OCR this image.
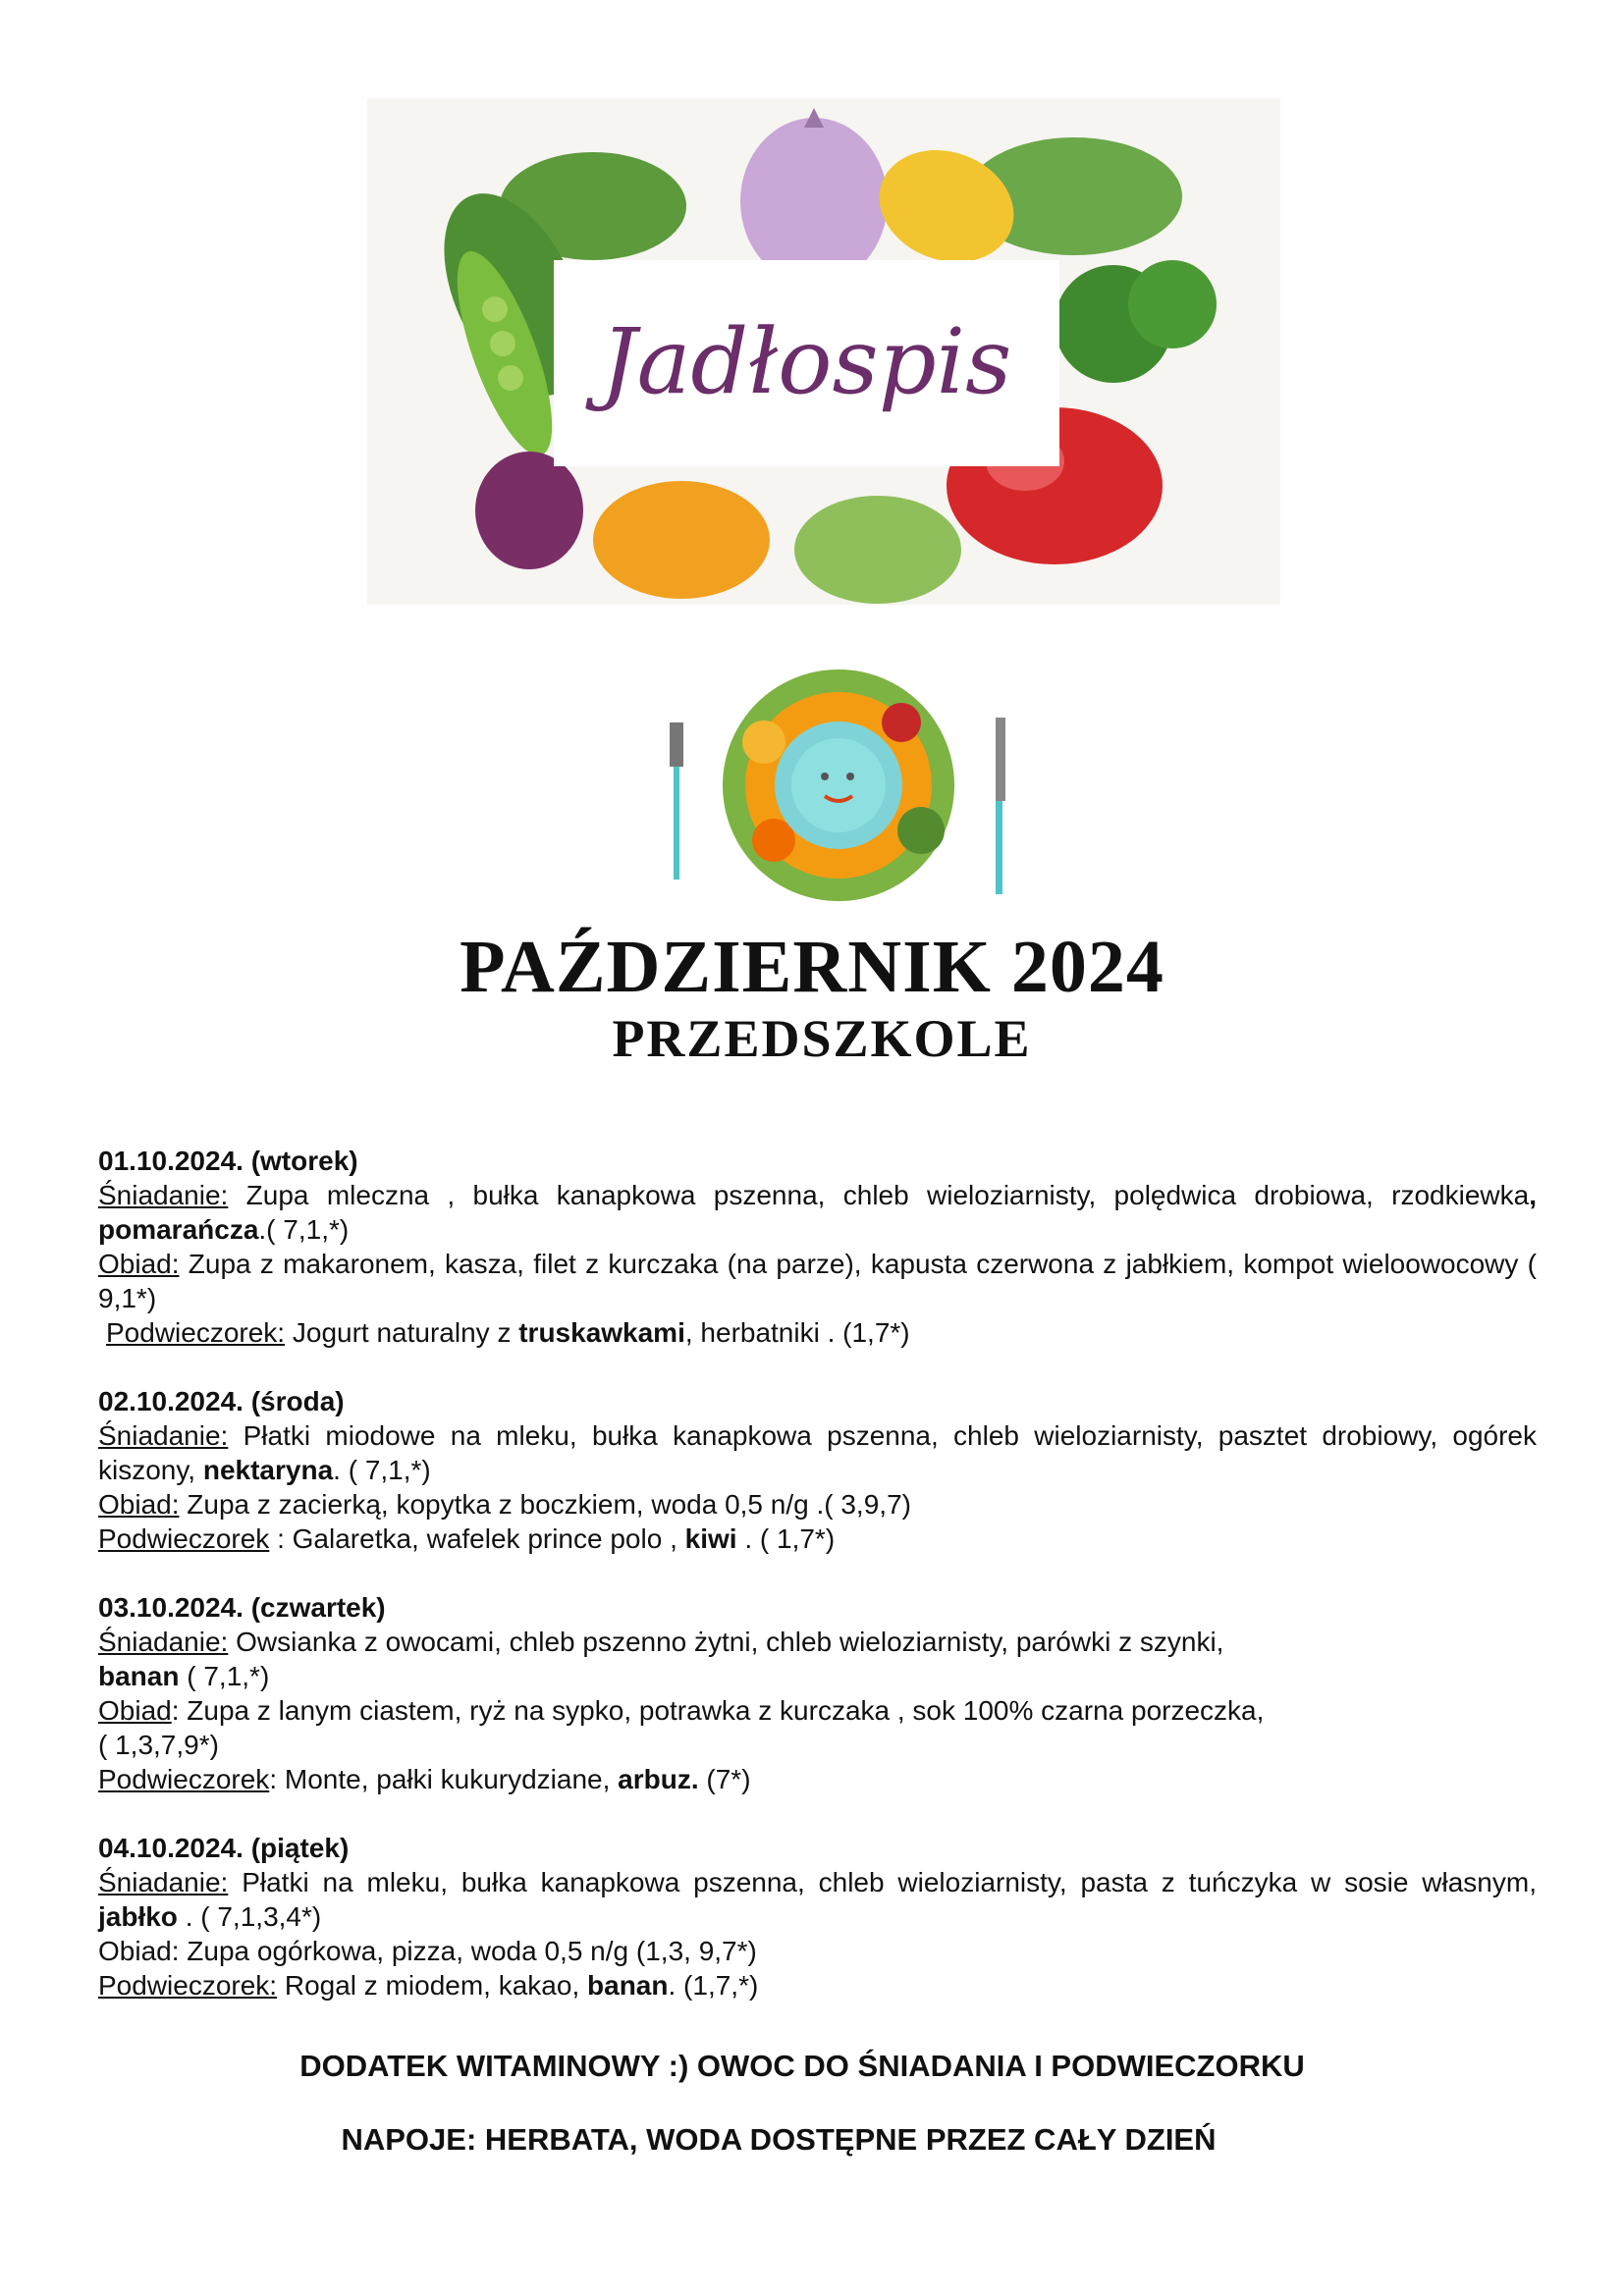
Jadłospis
PAŹDZIERNIK 2024
PRZEDSZKOLE
01.10.2024. (wtorek)
Śniadanie: Zupa mleczna , bułka kanapkowa pszenna, chleb wieloziarnisty, polędwica drobiowa, rzodkiewka, pomarańcza.( 7,1,*)
Obiad: Zupa z makaronem, kasza, filet z kurczaka (na parze), kapusta czerwona z jabłkiem, kompot wieloowocowy ( 9,1*)
Podwieczorek: Jogurt naturalny z truskawkami, herbatniki . (1,7*)
02.10.2024. (środa)
Śniadanie: Płatki miodowe na mleku, bułka kanapkowa pszenna, chleb wieloziarnisty, pasztet drobiowy, ogórek kiszony, nektaryna. ( 7,1,*)
Obiad: Zupa z zacierką, kopytka z boczkiem, woda 0,5 n/g .( 3,9,7)
Podwieczorek : Galaretka, wafelek prince polo , kiwi . ( 1,7*)
03.10.2024. (czwartek)
Śniadanie: Owsianka z owocami, chleb pszenno żytni, chleb wieloziarnisty, parówki z szynki,
banan ( 7,1,*)
Obiad: Zupa z lanym ciastem, ryż na sypko, potrawka z kurczaka , sok 100% czarna porzeczka,
( 1,3,7,9*)
Podwieczorek: Monte, pałki kukurydziane, arbuz. (7*)
04.10.2024. (piątek)
Śniadanie: Płatki na mleku, bułka kanapkowa pszenna, chleb wieloziarnisty, pasta z tuńczyka w sosie własnym, jabłko . ( 7,1,3,4*)
Obiad: Zupa ogórkowa, pizza, woda 0,5 n/g (1,3, 9,7*)
Podwieczorek: Rogal z miodem, kakao, banan. (1,7,*)

DODATEK WITAMINOWY :) OWOC DO ŚNIADANIA I PODWIECZORKU

NAPOJE: HERBATA, WODA DOSTĘPNE PRZEZ CAŁY DZIEŃ
